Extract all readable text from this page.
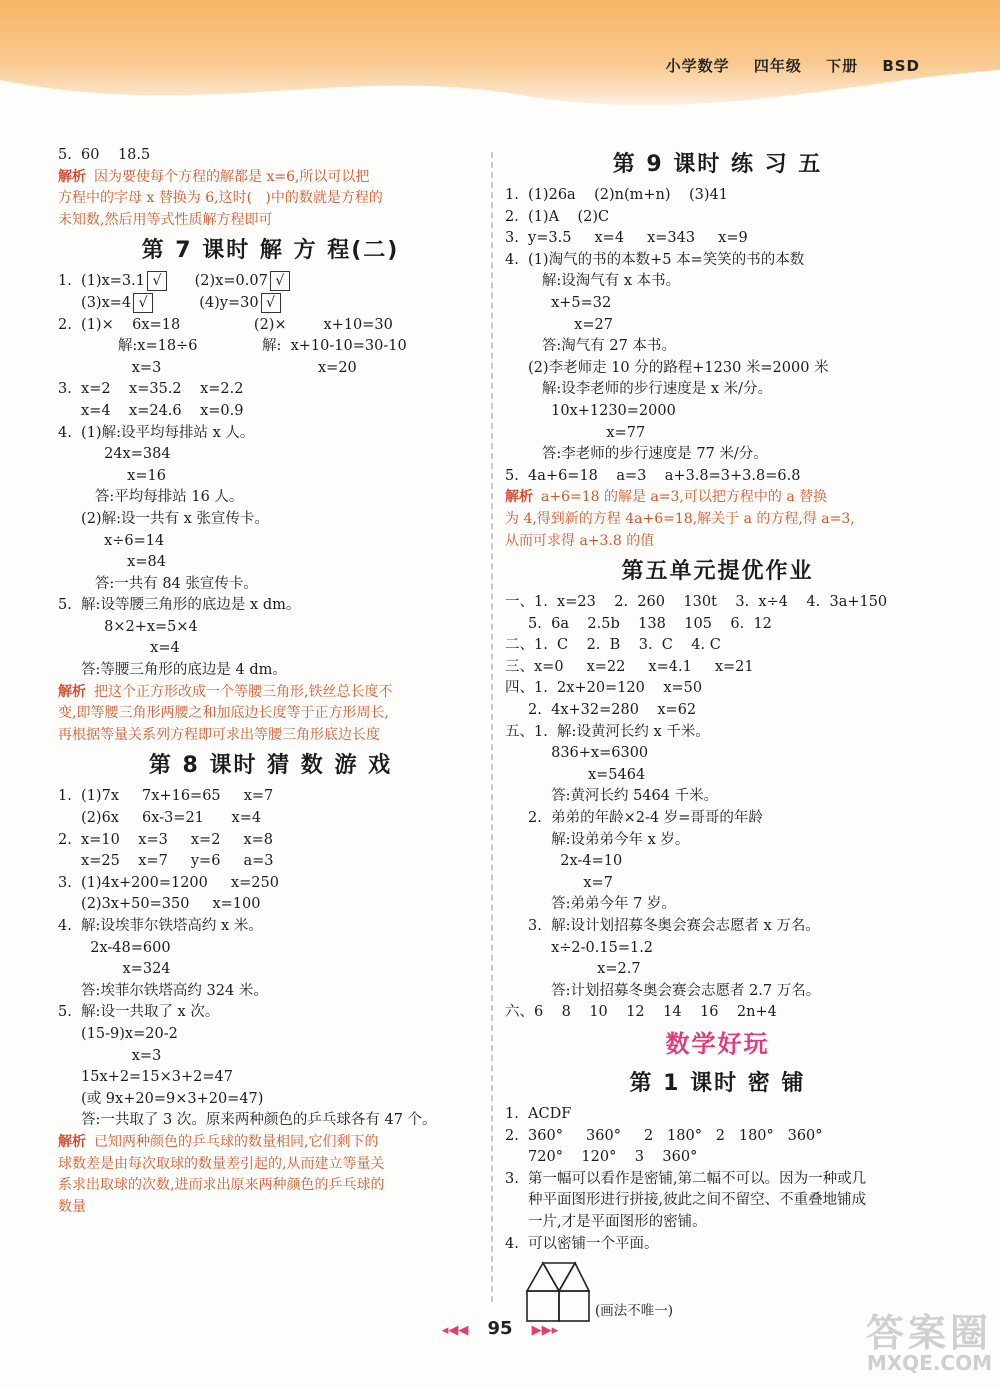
小学数学 四年级 下册 BSD
5.  60    18.5
解析 因为要使每个方程的解都是 x=6,所以可以把
方程中的字母 x 替换为 6,这时(   )中的数就是方程的
未知数,然后用等式性质解方程即可
第 7 课时 解 方 程(二)
1.  (1)x=3.1 √ (2)x=0.07 √
(3)x=4 √	(4)y=30 √
2.  (1)×    6x=18                (2)×        x+10=30
解:x=18÷6              解:  x+10-10=30-10
x=3                                  x=20
3.  x=2    x=35.2    x=2.2
x=4    x=24.6    x=0.9
4.  (1)解:设平均每排站 x 人。
24x=384
x=16
答:平均每排站 16 人。
(2)解:设一共有 x 张宣传卡。
x÷6=14
x=84
答:一共有 84 张宣传卡。
5.  解:设等腰三角形的底边是 x dm。
8×2+x=5×4
x=4
答:等腰三角形的底边是 4 dm。
解析 把这个正方形改成一个等腰三角形,铁丝总长度不
变,即等腰三角形两腰之和加底边长度等于正方形周长,
再根据等量关系列方程即可求出等腰三角形底边长度
第 8 课时 猜 数 游 戏
1.  (1)7x     7x+16=65     x=7
(2)6x     6x-3=21      x=4
2.  x=10    x=3     x=2     x=8
x=25    x=7     y=6     a=3
3.  (1)4x+200=1200     x=250
(2)3x+50=350     x=100
4.  解:设埃菲尔铁塔高约 x 米。
2x-48=600
x=324
答:埃菲尔铁塔高约 324 米。
5.  解:设一共取了 x 次。
(15-9)x=20-2
x=3
15x+2=15×3+2=47
(或 9x+20=9×3+20=47)
答:一共取了 3 次。原来两种颜色的乒乓球各有 47 个。
解析 已知两种颜色的乒乓球的数量相同,它们剩下的
球数差是由每次取球的数量差引起的,从而建立等量关
系求出取球的次数,进而求出原来两种颜色的乒乓球的
数量
第 9 课时 练 习 五
1.  (1)26a    (2)n(m+n)    (3)41
2.  (1)A    (2)C
3.  y=3.5     x=4     x=343     x=9
4.  (1)淘气的书的本数+5 本=笑笑的书的本数
解:设淘气有 x 本书。
x+5=32
x=27
答:淘气有 27 本书。
(2)李老师走 10 分的路程+1230 米=2000 米
解:设李老师的步行速度是 x 米/分。
10x+1230=2000
x=77
答:李老师的步行速度是 77 米/分。
5.  4a+6=18    a=3    a+3.8=3+3.8=6.8
解析 a+6=18 的解是 a=3,可以把方程中的 a 替换
为 4,得到新的方程 4a+6=18,解关于 a 的方程,得 a=3,
从而可求得 a+3.8 的值
第五单元提优作业
一、1.  x=23    2.  260    130t    3.  x÷4    4.  3a+150
5.  6a    2.5b    138    105    6.  12
二、1.  C    2.  B    3.  C    4. C
三、x=0     x=22     x=4.1     x=21
四、1.  2x+20=120    x=50
2.  4x+32=280    x=62
五、1.  解:设黄河长约 x 千米。
836+x=6300
x=5464
答:黄河长约 5464 千米。
2.  弟弟的年龄×2-4 岁=哥哥的年龄
解:设弟弟今年 x 岁。
2x-4=10
x=7
答:弟弟今年 7 岁。
3.  解:设计划招募冬奥会赛会志愿者 x 万名。
x÷2-0.15=1.2
x=2.7
答:计划招募冬奥会赛会志愿者 2.7 万名。
六、6    8    10    12    14    16    2n+4
数学好玩
第 1 课时 密 铺
1.  ACDF
2.  360°     360°     2   180°   2   180°   360°
720°    120°    3    360°
3.  第一幅可以看作是密铺,第二幅不可以。因为一种或几
种平面图形进行拼接,彼此之间不留空、不重叠地铺成
一片,才是平面图形的密铺。
4.  可以密铺一个平面。
(画法不唯一)
◂◀◀ 95 ▶▶▸	答案圈
MXQE.COM
